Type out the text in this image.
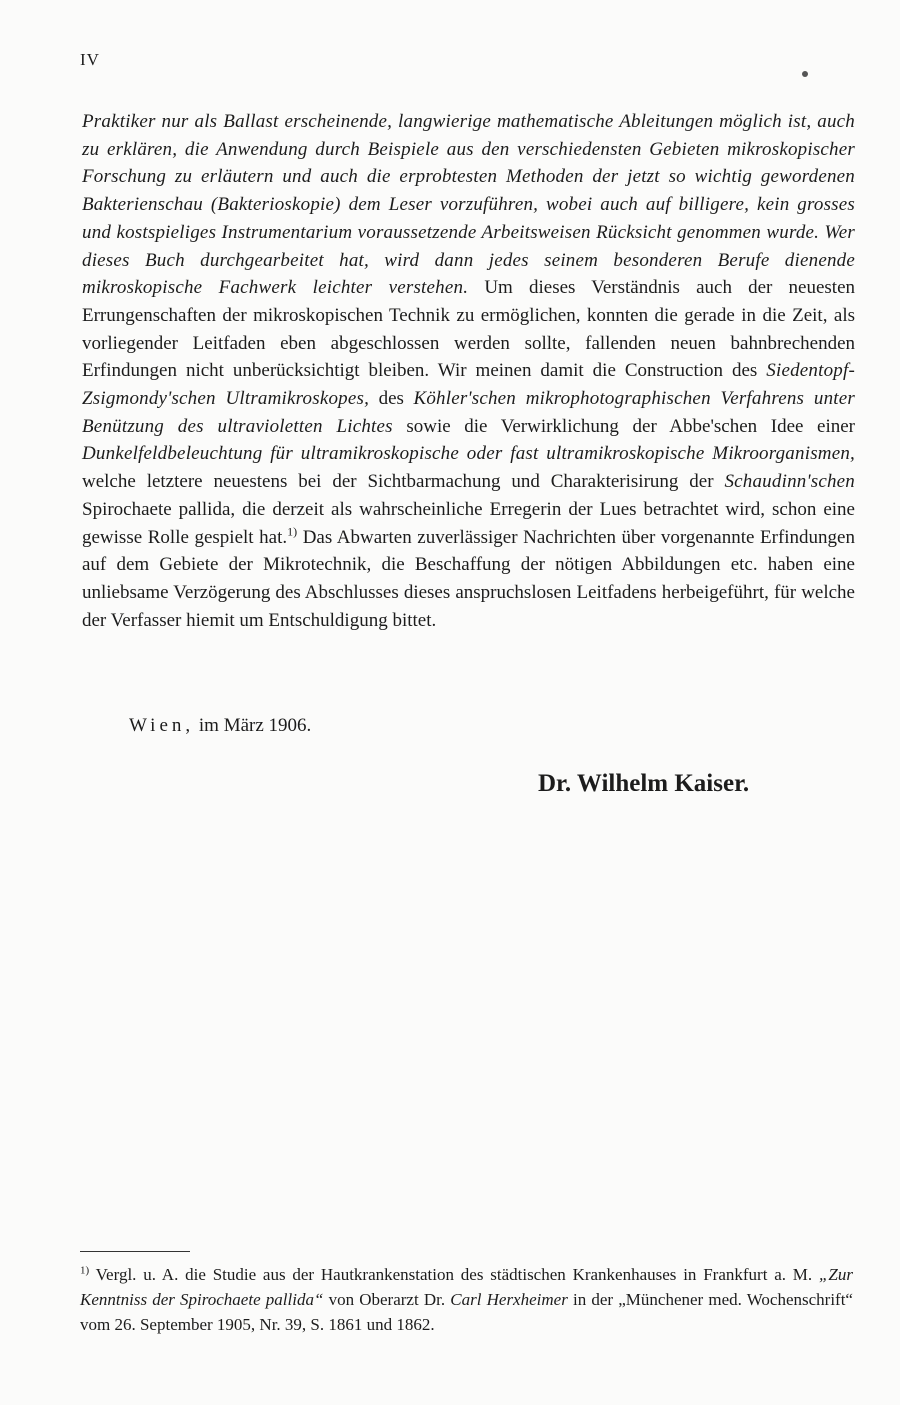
IV

Praktiker nur als Ballast erscheinende, langwierige mathematische Ableitungen möglich ist, auch zu erklären, die Anwendung durch Beispiele aus den verschiedensten Gebieten mikroskopischer Forschung zu erläutern und auch die erprobtesten Methoden der jetzt so wichtig gewordenen Bakterienschau (Bakterioskopie) dem Leser vorzuführen, wobei auch auf billigere, kein grosses und kostspieliges Instrumentarium voraussetzende Arbeitsweisen Rücksicht genommen wurde. Wer dieses Buch durchgearbeitet hat, wird dann jedes seinem besonderen Berufe dienende mikroskopische Fachwerk leichter verstehen. Um dieses Verständnis auch der neuesten Errungenschaften der mikroskopischen Technik zu ermöglichen, konnten die gerade in die Zeit, als vorliegender Leitfaden eben abgeschlossen werden sollte, fallenden neuen bahnbrechenden Erfindungen nicht unberücksichtigt bleiben. Wir meinen damit die Construction des Siedentopf-Zsigmondy'schen Ultramikroskopes, des Köhler'schen mikrophotographischen Verfahrens unter Benützung des ultravioletten Lichtes sowie die Verwirklichung der Abbe'schen Idee einer Dunkelfeldbeleuchtung für ultramikroskopische oder fast ultramikroskopische Mikroorganismen, welche letztere neuestens bei der Sichtbarmachung und Charakterisirung der Schaudinn'schen Spirochaete pallida, die derzeit als wahrscheinliche Erregerin der Lues betrachtet wird, schon eine gewisse Rolle gespielt hat.$^{1)}$ Das Abwarten zuverlässiger Nachrichten über vorgenannte Erfindungen auf dem Gebiete der Mikrotechnik, die Beschaffung der nötigen Abbildungen etc. haben eine unliebsame Verzögerung des Abschlusses dieses anspruchslosen Leitfadens herbeigeführt, für welche der Verfasser hiemit um Entschuldigung bittet.

Wien, im März 1906.

Dr. Wilhelm Kaiser.

$^{1)}$ Vergl. u. A. die Studie aus der Hautkrankenstation des städtischen Krankenhauses in Frankfurt a. M. „Zur Kenntniss der Spirochaete pallida“ von Oberarzt Dr. Carl Herxheimer in der „Münchener med. Wochenschrift“ vom 26. September 1905, Nr. 39, S. 1861 und 1862.
